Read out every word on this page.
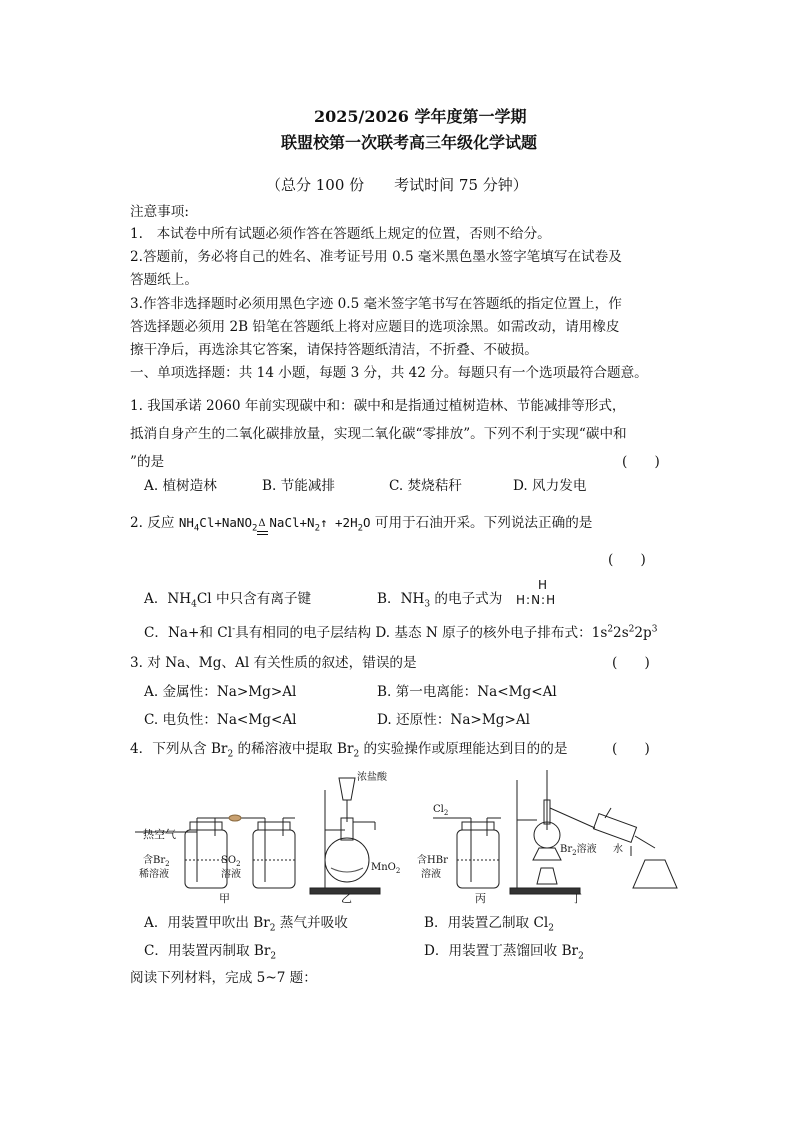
2025/2026 学年度第一学期
联盟校第一次联考高三年级化学试题
（总分 100 份　　考试时间 75 分钟）
注意事项:
1.　本试卷中所有试题必须作答在答题纸上规定的位置，否则不给分。
2.答题前，务必将自己的姓名、准考证号用 0.5 毫米黑色墨水签字笔填写在试卷及
答题纸上。
3.作答非选择题时必须用黑色字迹 0.5 毫米签字笔书写在答题纸的指定位置上，作
答选择题必须用 2B 铅笔在答题纸上将对应题目的选项涂黑。如需改动，请用橡皮
擦干净后，再选涂其它答案，请保持答题纸清洁，不折叠、不破损。
一、单项选择题：共 14 小题，每题 3 分，共 42 分。每题只有一个选项最符合题意。
1. 我国承诺 2060 年前实现碳中和：碳中和是指通过植树造林、节能减排等形式，
抵消自身产生的二氧化碳排放量，实现二氧化碳“零排放”。下列不利于实现“碳中和
”的是	(　　)
A. 植树造林	B. 节能减排	C. 焚烧秸秆	D. 风力发电
2. 反应 $NH_4Cl+NaNO_2$ Δ $NaCl+N_2↑ +2H_2O$ 可用于石油开采。下列说法正确的是
(　　)
A．$NH_4Cl$ 中只含有离子键	B．$NH_3$ 的电子式为
H
H:N:H
C．Na+和 Cl-具有相同的电子层结构 D. 基态 N 原子的核外电子排布式：$1s^22s^22p^3$
3. 对 Na、Mg、Al 有关性质的叙述，错误的是	(　　)
A. 金属性：Na>Mg>Al	B. 第一电离能：Na<Mg<Al
C. 电负性：Na<Mg<Al	D. 还原性：Na>Mg>Al
4．下列从含 $Br_2$ 的稀溶液中提取 $Br_2$ 的实验操作或原理能达到目的的是	(　　)
热空气
含$Br_2$
稀溶液
$SO_2$
溶液
甲
浓盐酸
MnO$_2$
乙
$Cl_2$
含HBr
溶液
丙
$Br_2$溶液 水
丁
A．用装置甲吹出 $Br_2$ 蒸气并吸收	B．用装置乙制取 $Cl_2$
C．用装置丙制取 $Br_2$	D．用装置丁蒸馏回收 $Br_2$
阅读下列材料，完成 5~7 题：
